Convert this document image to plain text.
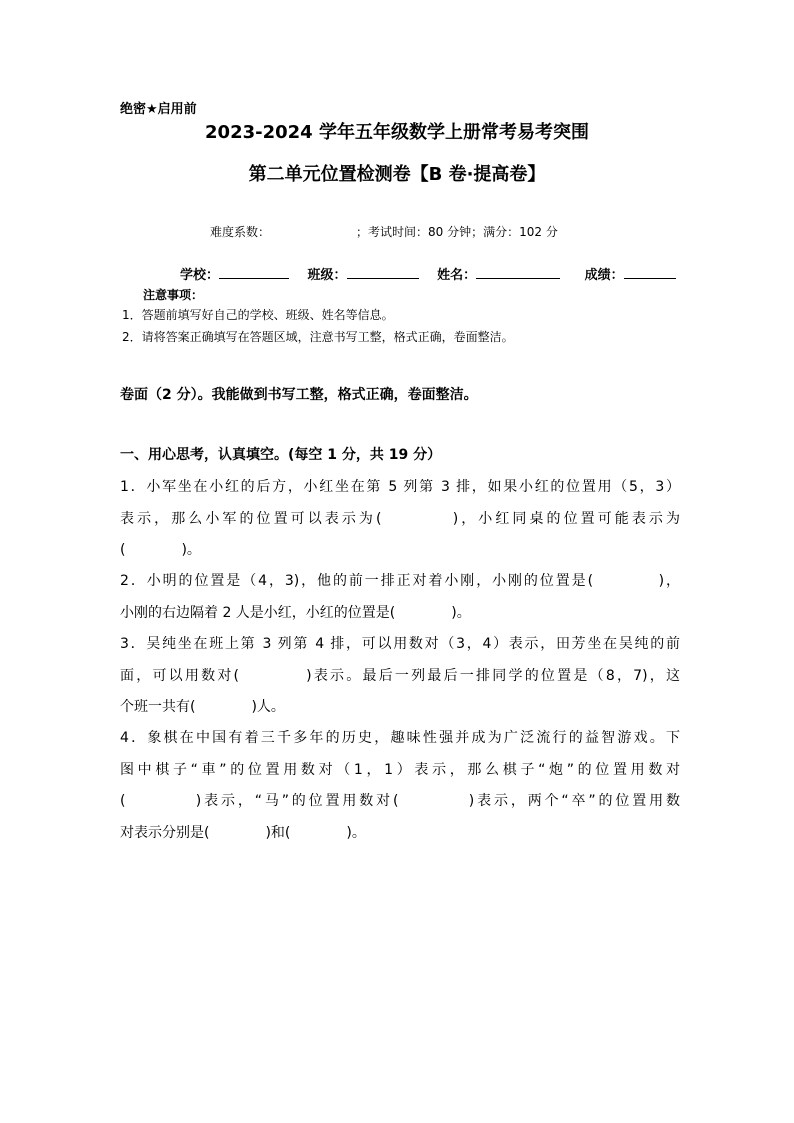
绝密★启用前
2023-2024 学年五年级数学上册常考易考突围
第二单元位置检测卷【B 卷·提高卷】
难度系数：	；考试时间：80 分钟；满分：102 分
学校：	班级：	姓名：	成绩：
注意事项：
1．答题前填写好自己的学校、班级、姓名等信息。
2．请将答案正确填写在答题区域，注意书写工整，格式正确，卷面整洁。
卷面（2 分）。我能做到书写工整，格式正确，卷面整洁。
一、用心思考，认真填空。(每空 1 分，共 19 分）

1．小军坐在小红的后方，小红坐在第 5 列第 3 排，如果小红的位置用（5，3）

表示，那么小军的位置可以表示为(　　　　)，小红同桌的位置可能表示为

(　　　　)。

2．小明的位置是（4，3)，他的前一排正对着小刚，小刚的位置是(　　　　)，

小刚的右边隔着 2 人是小红，小红的位置是(　　　　)。

3．吴纯坐在班上第 3 列第 4 排，可以用数对（3，4）表示，田芳坐在吴纯的前

面，可以用数对(　　　　)表示。最后一列最后一排同学的位置是（8，7)，这

个班一共有(　　　　)人。

4．象棋在中国有着三千多年的历史，趣味性强并成为广泛流行的益智游戏。下

图中棋子“車”的位置用数对（1，1）表示，那么棋子“炮”的位置用数对

(　　　　)表示，“马”的位置用数对(　　　　)表示，两个“卒”的位置用数

对表示分别是(　　　　)和(　　　　)。
